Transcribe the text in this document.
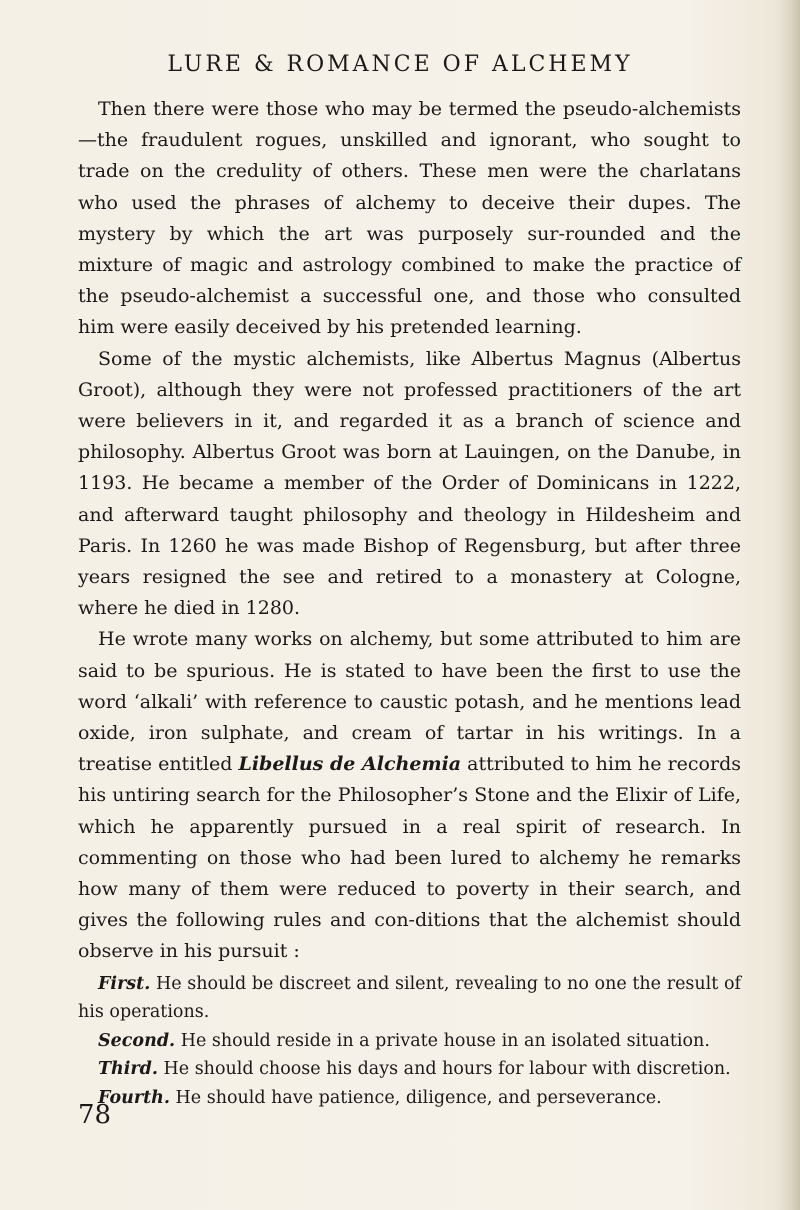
LURE & ROMANCE OF ALCHEMY

Then there were those who may be termed the pseudo-alchemists—the fraudulent rogues, unskilled and ignorant, who sought to trade on the credulity of others. These men were the charlatans who used the phrases of alchemy to deceive their dupes. The mystery by which the art was purposely sur-rounded and the mixture of magic and astrology combined to make the practice of the pseudo-alchemist a successful one, and those who consulted him were easily deceived by his pretended learning.

Some of the mystic alchemists, like Albertus Magnus (Albertus Groot), although they were not professed practitioners of the art were believers in it, and regarded it as a branch of science and philosophy. Albertus Groot was born at Lauingen, on the Danube, in 1193. He became a member of the Order of Dominicans in 1222, and afterward taught philosophy and theology in Hildesheim and Paris. In 1260 he was made Bishop of Regensburg, but after three years resigned the see and retired to a monastery at Cologne, where he died in 1280.

He wrote many works on alchemy, but some attributed to him are said to be spurious. He is stated to have been the first to use the word ‘alkali’ with reference to caustic potash, and he mentions lead oxide, iron sulphate, and cream of tartar in his writings. In a treatise entitled Libellus de Alchemia attributed to him he records his untiring search for the Philosopher’s Stone and the Elixir of Life, which he apparently pursued in a real spirit of research. In commenting on those who had been lured to alchemy he remarks how many of them were reduced to poverty in their search, and gives the following rules and con-ditions that the alchemist should observe in his pursuit :

First. He should be discreet and silent, revealing to no one the result of his operations.

Second. He should reside in a private house in an isolated situation.

Third. He should choose his days and hours for labour with discretion.

Fourth. He should have patience, diligence, and perseverance.

78
